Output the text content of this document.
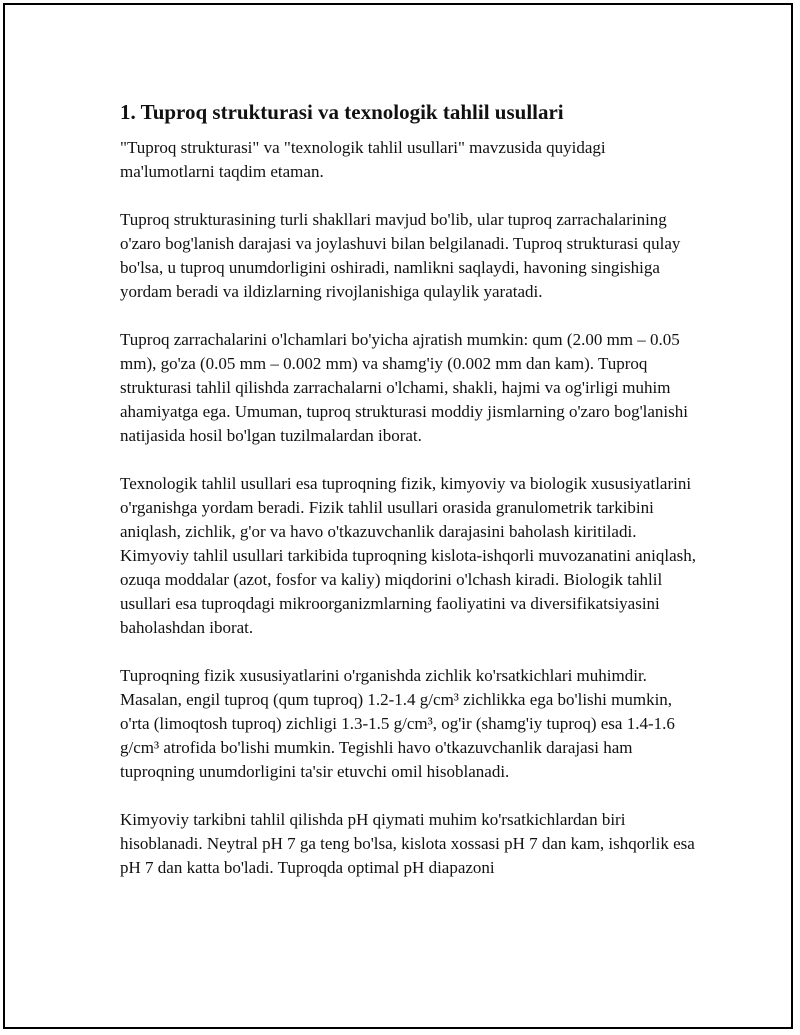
1. Tuproq strukturasi va texnologik tahlil usullari

"Tuproq strukturasi" va "texnologik tahlil usullari" mavzusida quyidagi ma'lumotlarni taqdim etaman.

Tuproq strukturasining turli shakllari mavjud bo'lib, ular tuproq zarrachalarining o'zaro bog'lanish darajasi va joylashuvi bilan belgilanadi. Tuproq strukturasi qulay bo'lsa, u tuproq unumdorligini oshiradi, namlikni saqlaydi, havoning singishiga yordam beradi va ildizlarning rivojlanishiga qulaylik yaratadi.

Tuproq zarrachalarini o'lchamlari bo'yicha ajratish mumkin: qum (2.00 mm – 0.05 mm), go'za (0.05 mm – 0.002 mm) va shamg'iy (0.002 mm dan kam). Tuproq strukturasi tahlil qilishda zarrachalarni o'lchami, shakli, hajmi va og'irligi muhim ahamiyatga ega. Umuman, tuproq strukturasi moddiy jismlarning o'zaro bog'lanishi natijasida hosil bo'lgan tuzilmalardan iborat.

Texnologik tahlil usullari esa tuproqning fizik, kimyoviy va biologik xususiyatlarini o'rganishga yordam beradi. Fizik tahlil usullari orasida granulometrik tarkibini aniqlash, zichlik, g'or va havo o'tkazuvchanlik darajasini baholash kiritiladi. Kimyoviy tahlil usullari tarkibida tuproqning kislota-ishqorli muvozanatini aniqlash, ozuqa moddalar (azot, fosfor va kaliy) miqdorini o'lchash kiradi. Biologik tahlil usullari esa tuproqdagi mikroorganizmlarning faoliyatini va diversifikatsiyasini baholashdan iborat.

Tuproqning fizik xususiyatlarini o'rganishda zichlik ko'rsatkichlari muhimdir. Masalan, engil tuproq (qum tuproq) 1.2-1.4 g/cm³ zichlikka ega bo'lishi mumkin, o'rta (limoqtosh tuproq) zichligi 1.3-1.5 g/cm³, og'ir (shamg'iy tuproq) esa 1.4-1.6 g/cm³ atrofida bo'lishi mumkin. Tegishli havo o'tkazuvchanlik darajasi ham tuproqning unumdorligini ta'sir etuvchi omil hisoblanadi.

Kimyoviy tarkibni tahlil qilishda pH qiymati muhim ko'rsatkichlardan biri hisoblanadi. Neytral pH 7 ga teng bo'lsa, kislota xossasi pH 7 dan kam, ishqorlik esa pH 7 dan katta bo'ladi. Tuproqda optimal pH diapazoni
